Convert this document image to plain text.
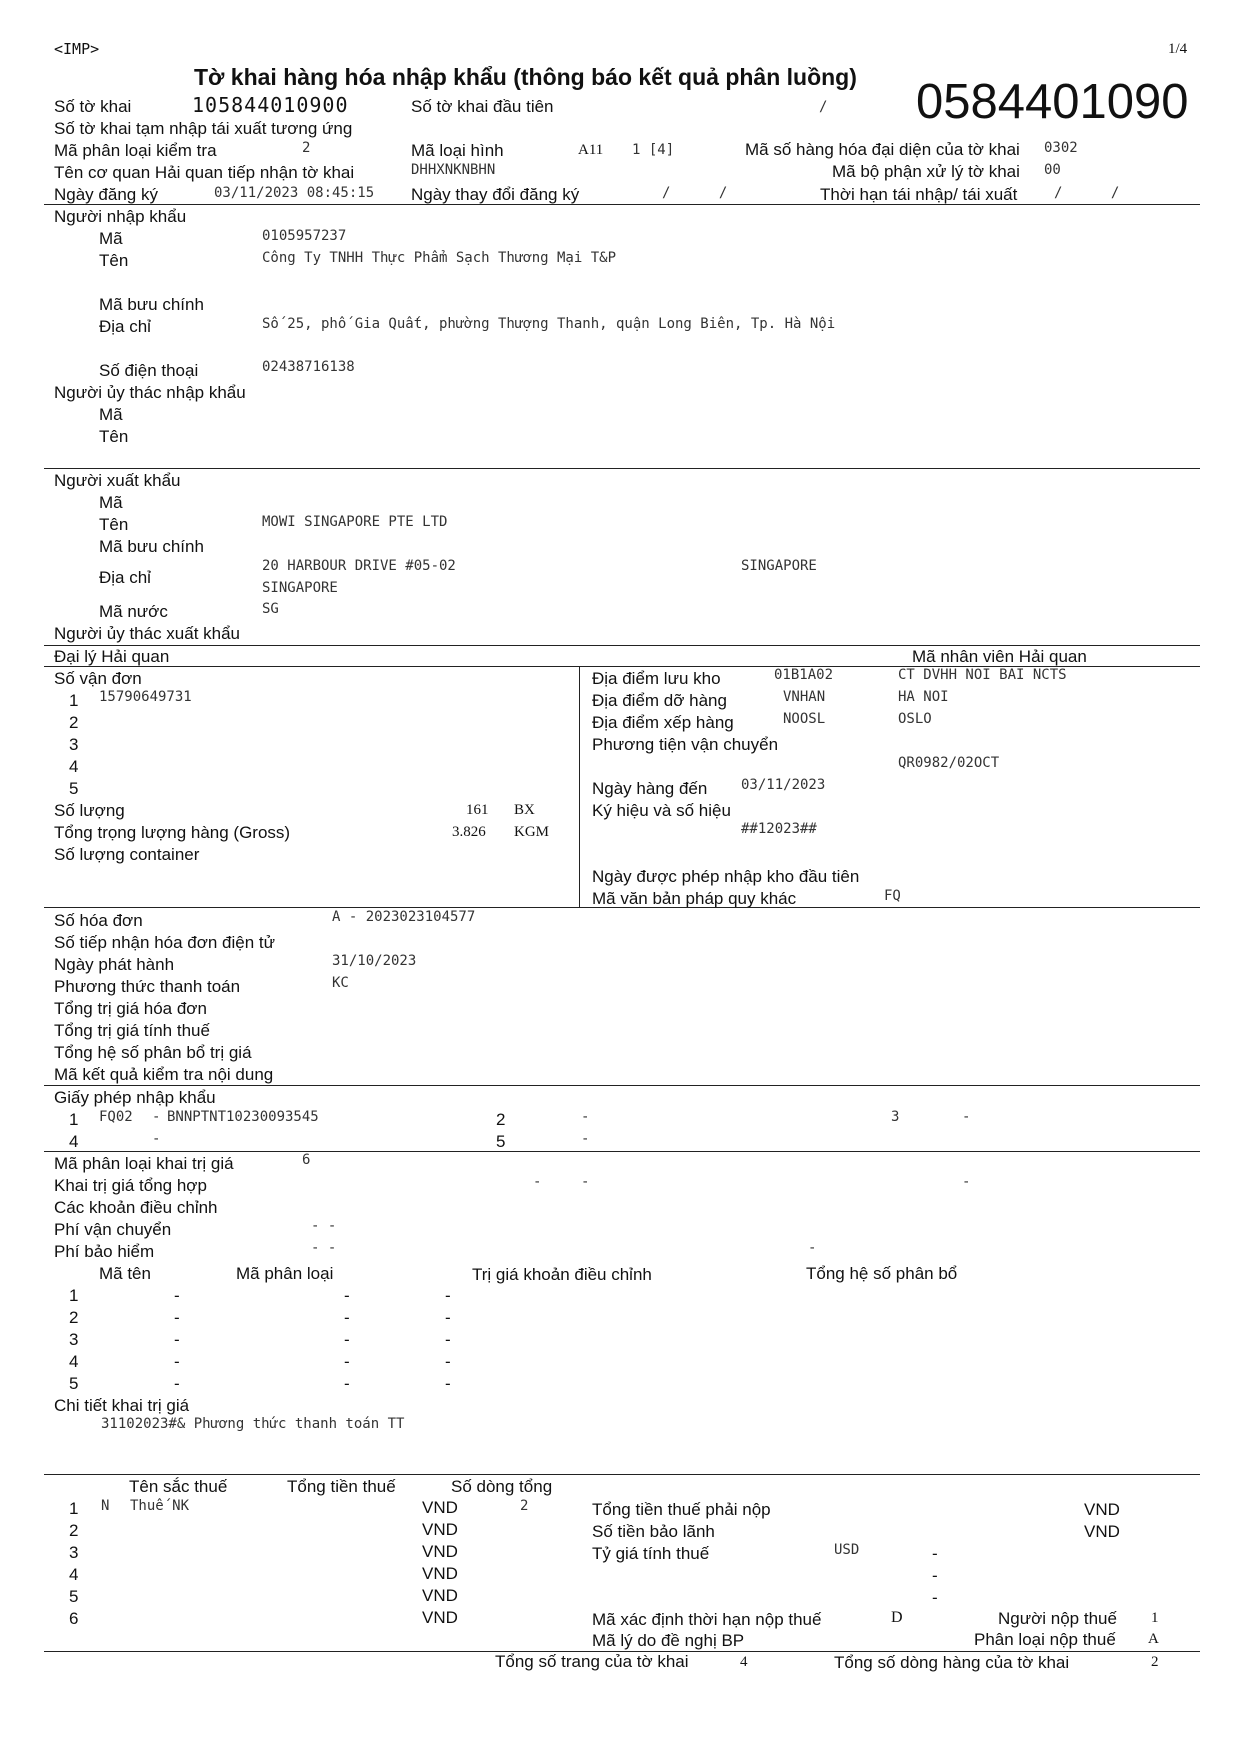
<IMP>	1/4
Tờ khai hàng hóa nhập khẩu (thông báo kết quả phân luồng) 0584401090
Số tờ khai	105844010900	Số tờ khai đầu tiên	/
Số tờ khai tạm nhập tái xuất tương ứng
Mã phân loại kiểm tra	2	Mã loại hình	A11 1 [4]	Mã số hàng hóa đại diện của tờ khai 0302
Tên cơ quan Hải quan tiếp nhận tờ khai	DHHXNKNBHN	Mã bộ phận xử lý tờ khai 00
Ngày đăng ký	03/11/2023 08:45:15 Ngày thay đổi đăng ký	/ /	Thời hạn tái nhập/ tái xuất	/ /
Người nhập khẩu
Mã	0105957237
Tên	Công Ty TNHH Thực Phẩm Sạch Thương Mại T&P
Mã bưu chính
Địa chỉ	Số 25, phố Gia Quất, phường Thượng Thanh, quận Long Biên, Tp. Hà Nội
Số điện thoại	02438716138
Người ủy thác nhập khẩu
Mã
Tên
Người xuất khẩu
Mã
Tên	MOWI SINGAPORE PTE LTD
Mã bưu chính
Địa chỉ
20 HARBOUR DRIVE #05-02	SINGAPORE
SINGAPORE
Mã nước	SG
Người ủy thác xuất khẩu
Đại lý Hải quan	Mã nhân viên Hải quan
Số vận đơn
1 15790649731
2
3
4
5
Số lượng	161 BX
Tổng trọng lượng hàng (Gross)	3.826 KGM
Số lượng container
Địa điểm lưu kho	01B1A02	CT DVHH NOI BAI NCTS
Địa điểm dỡ hàng	VNHAN	HA NOI
Địa điểm xếp hàng	NOOSL	OSLO
Phương tiện vận chuyển
QR0982/02OCT
Ngày hàng đến 03/11/2023
Ký hiệu và số hiệu
##12023##
Ngày được phép nhập kho đầu tiên
Mã văn bản pháp quy khác	FQ
Số hóa đơn	A - 2023023104577
Số tiếp nhận hóa đơn điện tử
Ngày phát hành	31/10/2023
Phương thức thanh toán	KC
Tổng trị giá hóa đơn
Tổng trị giá tính thuế
Tổng hệ số phân bổ trị giá
Mã kết quả kiểm tra nội dung
Giấy phép nhập khẩu
1 FQ02 - BNNPTNT10230093545	2	-	3	-
4	-	5	-
Mã phân loại khai trị giá	6
Khai trị giá tổng hợp	-	-	-
Các khoản điều chỉnh
Phí vận chuyển	- -
Phí bảo hiểm	- -	-
Mã tên	Mã phân loại	Trị giá khoản điều chỉnh	Tổng hệ số phân bổ
1	-	-	-
2	-	-	-
3	-	-	-
4	-	-	-
5	-	-	-
Chi tiết khai trị giá
31102023#& Phương thức thanh toán TT
Tên sắc thuế	Tổng tiền thuế	Số dòng tổng
1 N Thuế NK	VND	2
2	VND
3	VND
4	VND
5	VND
6	VND
Tổng tiền thuế phải nộp	VND
Số tiền bảo lãnh	VND
Tỷ giá tính thuế	USD	-
-
-
Mã xác định thời hạn nộp thuế	D	Người nộp thuế 1
Mã lý do đề nghị BP	Phân loại nộp thuế A
Tổng số trang của tờ khai	4	Tổng số dòng hàng của tờ khai	2
